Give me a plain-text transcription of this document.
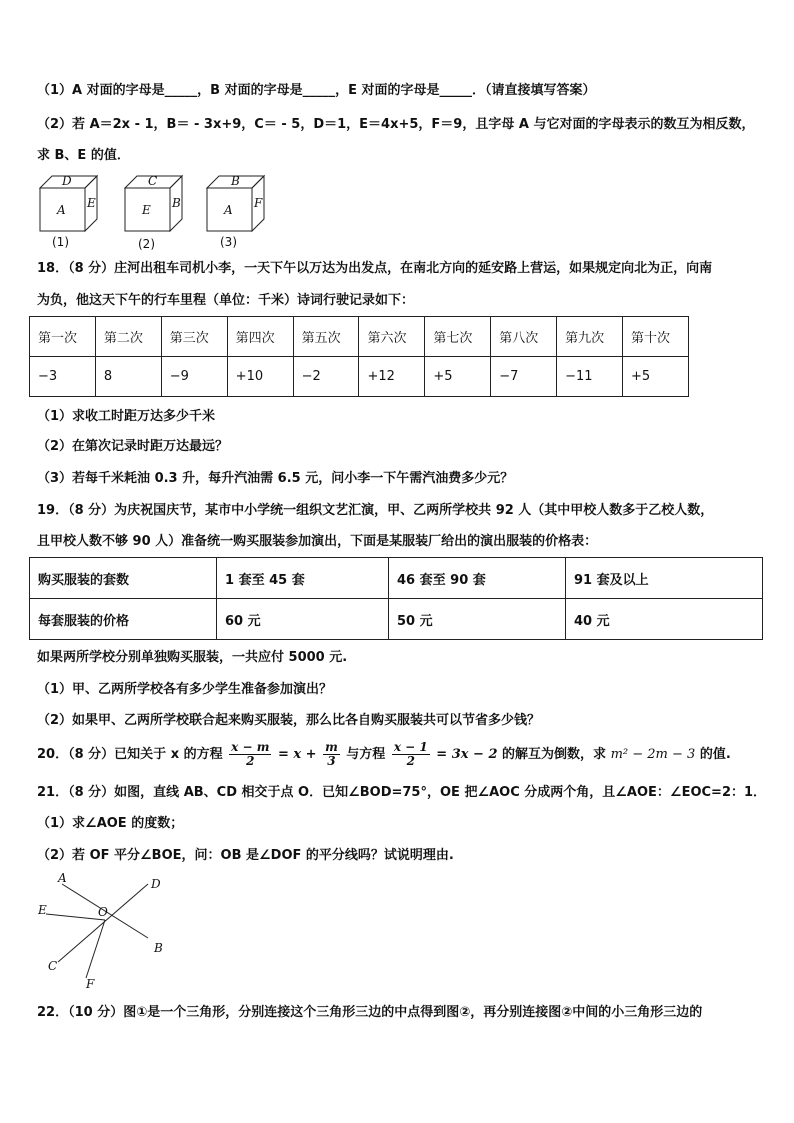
（1）A 对面的字母是_____，B 对面的字母是_____，E 对面的字母是_____．（请直接填写答案）
（2）若 A＝2x - 1，B＝ - 3x+9，C＝ - 5，D＝1，E＝4x+5，F＝9，且字母 A 与它对面的字母表示的数互为相反数，
求 B、E 的值．
D
A E
C
E B
B
A F
(1)	(2)	(3)
18．（8 分）庄河出租车司机小李，一天下午以万达为出发点，在南北方向的延安路上营运，如果规定向北为正，向南
为负，他这天下午的行车里程（单位：千米）诗词行驶记录如下：
第一次	第二次	第三次	第四次	第五次	第六次	第七次	第八次	第九次	第十次
−3	8	−9	+10	−2	+12	+5	−7	−11	+5
（1）求收工时距万达多少千米
（2）在第次记录时距万达最远？
（3）若每千米耗油 0.3 升，每升汽油需 6.5 元，问小李一下午需汽油费多少元？
19．（8 分）为庆祝国庆节，某市中小学统一组织文艺汇演，甲、乙两所学校共 92 人（其中甲校人数多于乙校人数，
且甲校人数不够 90 人）准备统一购买服装参加演出，下面是某服装厂给出的演出服装的价格表：
购买服装的套数	1 套至 45 套	46 套至 90 套	91 套及以上
每套服装的价格	60 元	50 元	40 元
如果两所学校分别单独购买服装，一共应付 5000 元.
（1）甲、乙两所学校各有多少学生准备参加演出？
（2）如果甲、乙两所学校联合起来购买服装，那么比各自购买服装共可以节省多少钱？
20．（8 分）已知关于 x 的方程 $\frac{x - m}{2} = x + \frac{m}{3}$ 与方程 $\frac{x - 1}{2} = 3x - 2$ 的解互为倒数，求 m² − 2m − 3 的值.
21．（8 分）如图，直线 AB、CD 相交于点 O．已知∠BOD=75°，OE 把∠AOC 分成两个角，且∠AOE：∠EOC=2：1．
（1）求∠AOE 的度数；
（2）若 OF 平分∠BOE，问：OB 是∠DOF 的平分线吗？试说明理由.
A	D
E	O
B
C
F
22．（10 分）图①是一个三角形，分别连接这个三角形三边的中点得到图②，再分别连接图②中间的小三角形三边的
